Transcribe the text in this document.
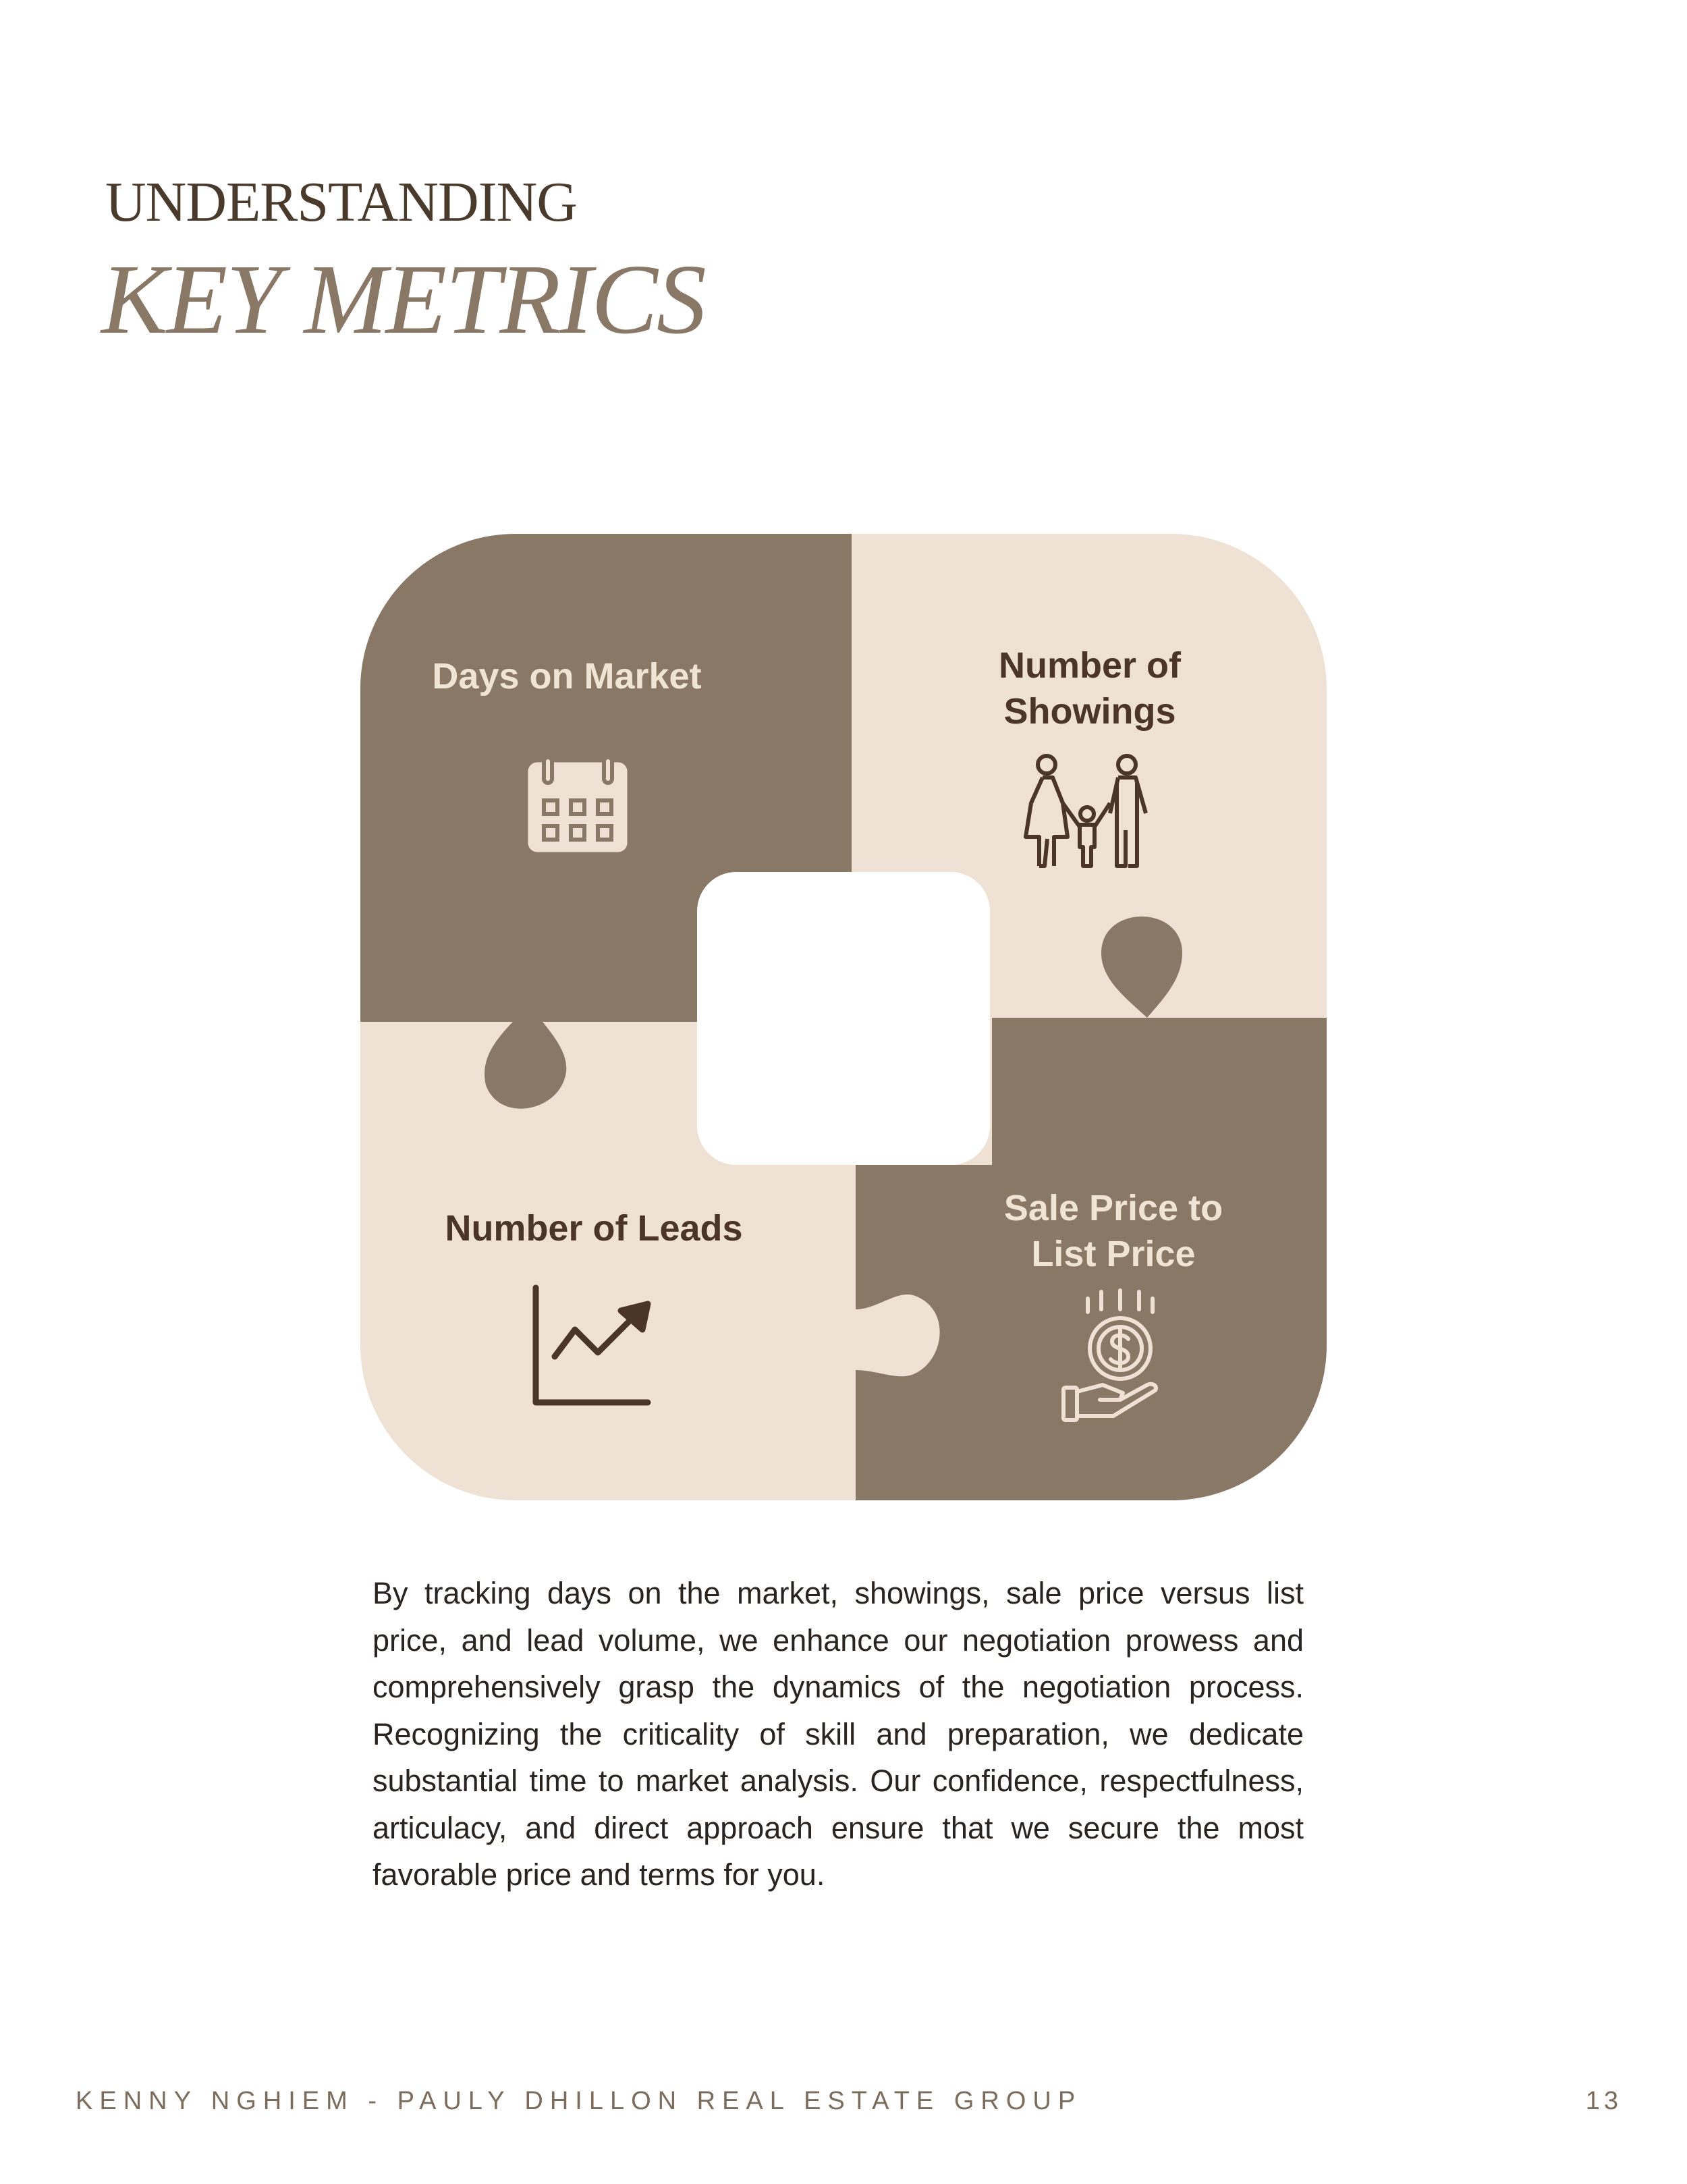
UNDERSTANDING
KEY METRICS
Days on Market	Number of
Showings
Number of Leads	Sale Price to
List Price

By tracking days on the market, showings, sale price versus list price, and lead volume, we enhance our negotiation prowess and comprehensively grasp the dynamics of the negotiation process. Recognizing the criticality of skill and preparation, we dedicate substantial time to market analysis. Our confidence, respectfulness, articulacy, and direct approach ensure that we secure the most favorable price and terms for you.

KENNY NGHIEM - PAULY DHILLON REAL ESTATE GROUP	13
